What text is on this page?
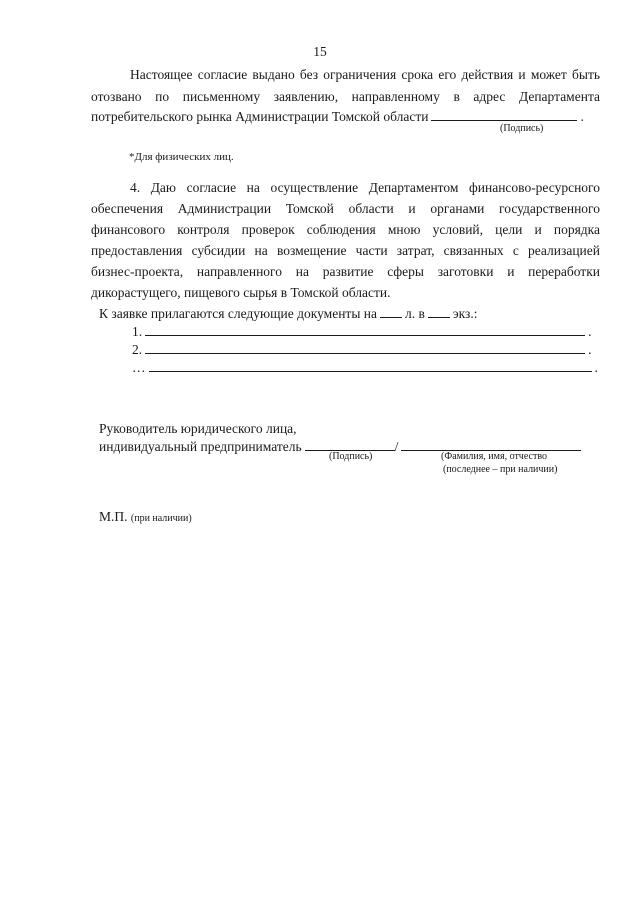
15
Настоящее согласие выдано без ограничения срока его действия и может быть
отозвано по письменному заявлению, направленному в адрес Департамента
потребительского рынка Администрации Томской области	.
(Подпись)
*Для физических лиц.
4. Даю согласие на осуществление Департаментом финансово-ресурсного
обеспечения Администрации Томской области и органами государственного
финансового контроля проверок соблюдения мною условий, цели и порядка
предоставления субсидии на возмещение части затрат, связанных с реализацией
бизнес-проекта, направленного на развитие сферы заготовки и переработки
дикорастущего, пищевого сырья в Томской области.
К заявке прилагаются следующие документы на л. в экз.:
1.	.
2.	.
…	.
Руководитель юридического лица,
индивидуальный предприниматель	/
(Подпись)	(Фамилия, имя, отчество
(последнее – при наличии)
М.П. (при наличии)
